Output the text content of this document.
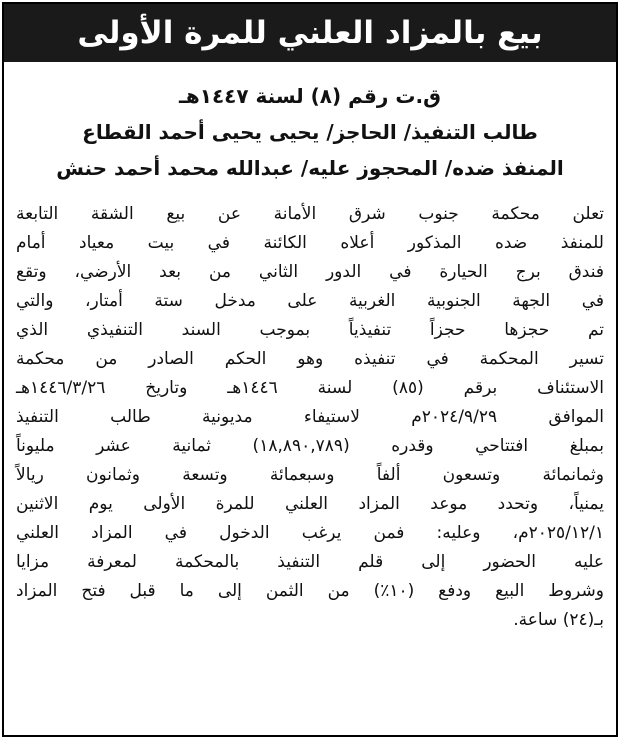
بيع بالمزاد العلني للمرة الأولى
ق.ت رقم (٨) لسنة ١٤٤٧هـ
طالب التنفيذ/ الحاجز/ يحيى يحيى أحمد القطاع
المنفذ ضده/ المحجوز عليه/ عبدالله محمد أحمد حنش
تعلن محكمة جنوب شرق الأمانة عن بيع الشقة التابعة
للمنفذ ضده المذكور أعلاه الكائنة في بيت معياد أمام
فندق برج الحيارة في الدور الثاني من بعد الأرضي، وتقع
في الجهة الجنوبية الغربية على مدخل ستة أمتار، والتي
تم حجزها حجزاً تنفيذياً بموجب السند التنفيذي الذي
تسير المحكمة في تنفيذه وهو الحكم الصادر من محكمة
الاستئناف برقم (٨٥) لسنة ١٤٤٦هـ وتاريخ ١٤٤٦/٣/٢٦هـ
الموافق ٢٠٢٤/٩/٢٩م لاستيفاء مديونية طالب التنفيذ
بمبلغ افتتاحي وقدره (١٨,٨٩٠,٧٨٩) ثمانية عشر مليوناً
وثمانمائة وتسعون ألفاً وسبعمائة وتسعة وثمانون ريالاً
يمنياً، وتحدد موعد المزاد العلني للمرة الأولى يوم الاثنين
٢٠٢٥/١٢/١م، وعليه: فمن يرغب الدخول في المزاد العلني
عليه الحضور إلى قلم التنفيذ بالمحكمة لمعرفة مزايا
وشروط البيع ودفع (١٠٪) من الثمن إلى ما قبل فتح المزاد
بـ(٢٤) ساعة.
